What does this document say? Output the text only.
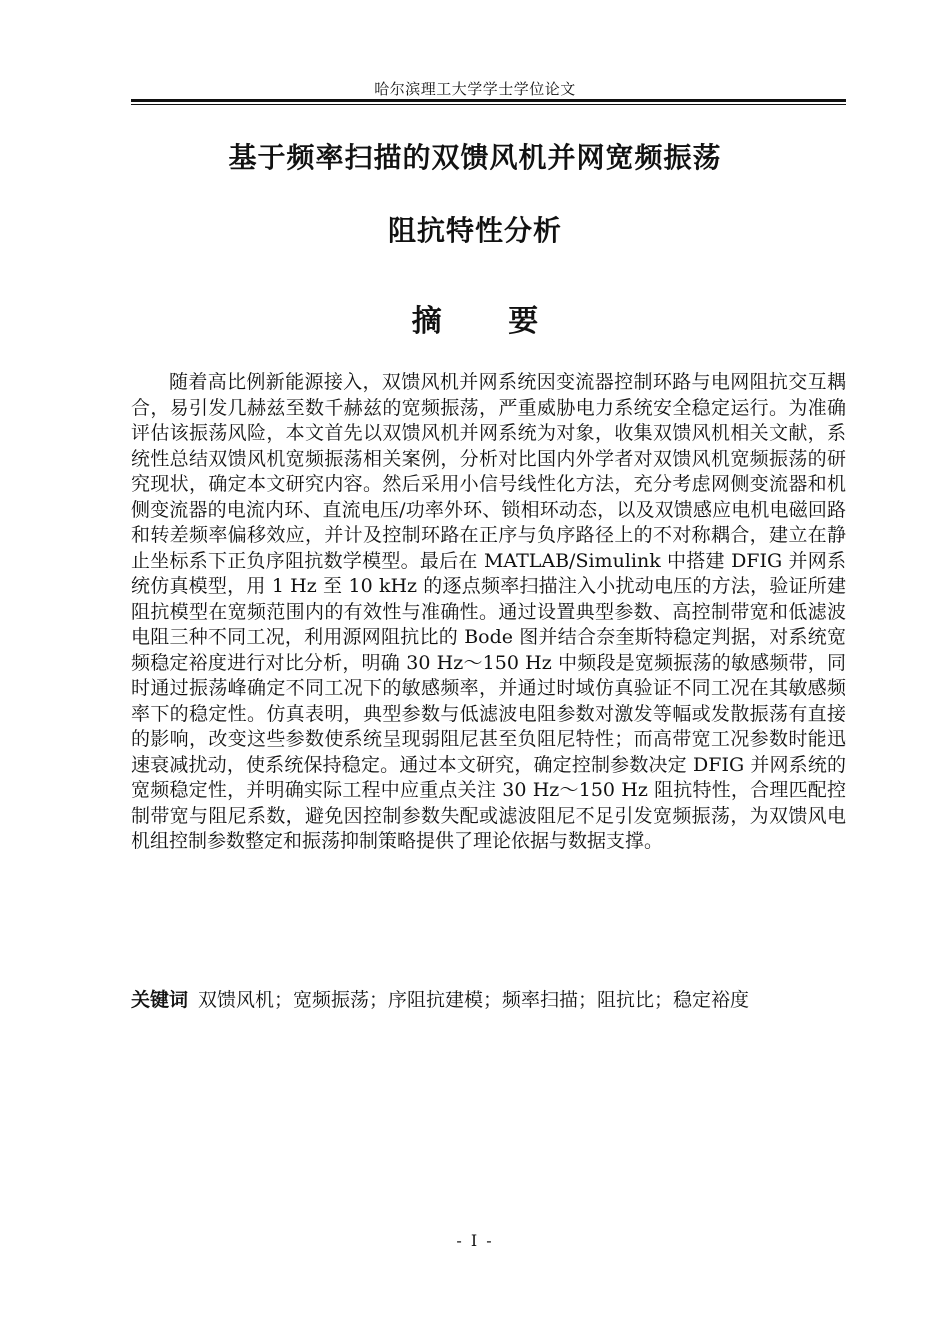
哈尔滨理工大学学士学位论文
基于频率扫描的双馈风机并网宽频振荡
阻抗特性分析
摘 要
随着高比例新能源接入，双馈风机并网系统因变流器控制环路与电网阻抗交互耦合，易引发几赫兹至数千赫兹的宽频振荡，严重威胁电力系统安全稳定运行。为准确评估该振荡风险，本文首先以双馈风机并网系统为对象，收集双馈风机相关文献，系统性总结双馈风机宽频振荡相关案例，分析对比国内外学者对双馈风机宽频振荡的研究现状，确定本文研究内容。然后采用小信号线性化方法，充分考虑网侧变流器和机侧变流器的电流内环、直流电压/功率外环、锁相环动态，以及双馈感应电机电磁回路和转差频率偏移效应，并计及控制环路在正序与负序路径上的不对称耦合，建立在静止坐标系下正负序阻抗数学模型。最后在 MATLAB/Simulink 中搭建 DFIG 并网系统仿真模型，用 1 Hz 至 10 kHz 的逐点频率扫描注入小扰动电压的方法，验证所建阻抗模型在宽频范围内的有效性与准确性。通过设置典型参数、高控制带宽和低滤波电阻三种不同工况，利用源网阻抗比的 Bode 图并结合奈奎斯特稳定判据，对系统宽频稳定裕度进行对比分析，明确 30 Hz～150 Hz 中频段是宽频振荡的敏感频带，同时通过振荡峰确定不同工况下的敏感频率，并通过时域仿真验证不同工况在其敏感频率下的稳定性。仿真表明，典型参数与低滤波电阻参数对激发等幅或发散振荡有直接的影响，改变这些参数使系统呈现弱阻尼甚至负阻尼特性；而高带宽工况参数时能迅速衰减扰动，使系统保持稳定。通过本文研究，确定控制参数决定 DFIG 并网系统的宽频稳定性，并明确实际工程中应重点关注 30 Hz～150 Hz 阻抗特性，合理匹配控制带宽与阻尼系数，避免因控制参数失配或滤波阻尼不足引发宽频振荡，为双馈风电机组控制参数整定和振荡抑制策略提供了理论依据与数据支撑。
关键词 双馈风机；宽频振荡；序阻抗建模；频率扫描；阻抗比；稳定裕度
- I -
